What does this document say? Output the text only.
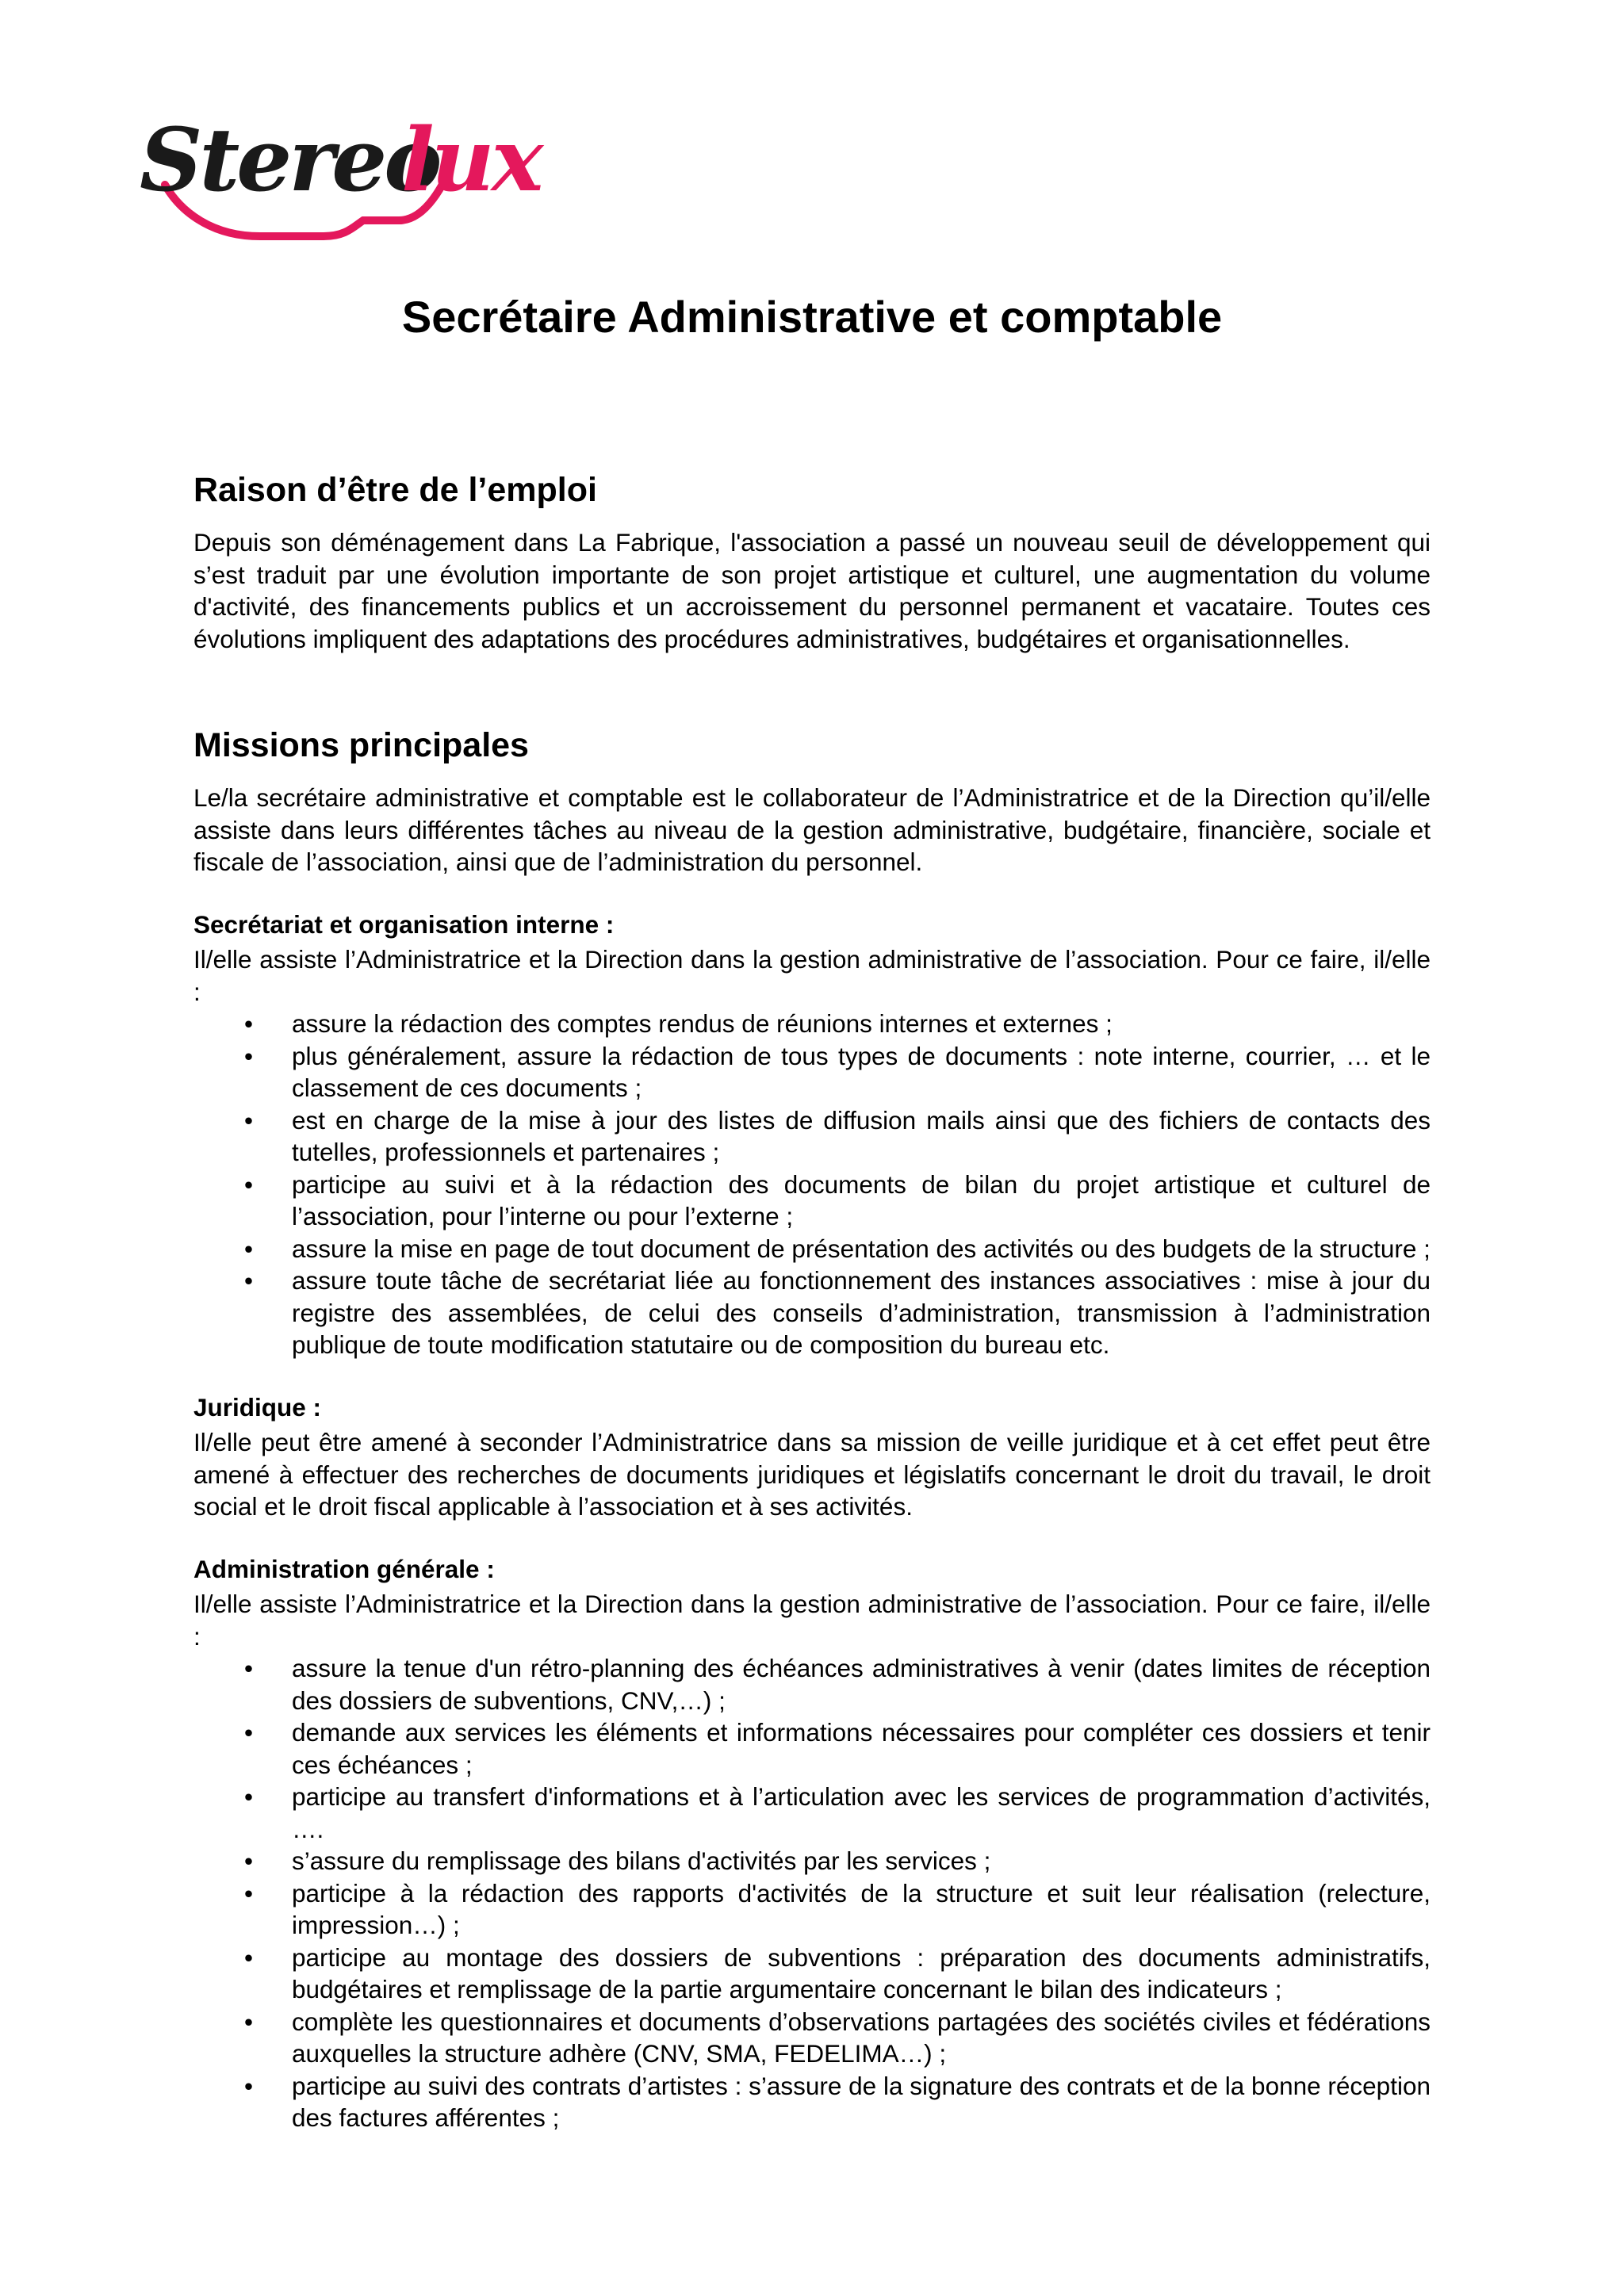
Stereo
lux
Secrétaire Administrative et comptable
Raison d’être de l’emploi

Depuis son déménagement dans La Fabrique, l'association a passé un nouveau seuil de développement qui s’est traduit par une évolution importante de son projet artistique et culturel, une augmentation du volume d'activité, des financements publics et un accroissement du personnel permanent et vacataire. Toutes ces évolutions impliquent des adaptations des procédures administratives, budgétaires et organisationnelles.

Missions principales

Le/la secrétaire administrative et comptable est le collaborateur de l’Administratrice et de la Direction qu’il/elle assiste dans leurs différentes tâches au niveau de la gestion administrative, budgétaire, financière, sociale et fiscale de l’association, ainsi que de l’administration du personnel.

Secrétariat et organisation interne :

Il/elle assiste l’Administratrice et la Direction dans la gestion administrative de l’association. Pour ce faire, il/elle :

• assure la rédaction des comptes rendus de réunions internes et externes ;
• plus généralement, assure la rédaction de tous types de documents : note interne, courrier, … et le classement de ces documents ;
• est en charge de la mise à jour des listes de diffusion mails ainsi que des fichiers de contacts des tutelles, professionnels et partenaires ;
• participe au suivi et à la rédaction des documents de bilan du projet artistique et culturel de l’association, pour l’interne ou pour l’externe ;
• assure la mise en page de tout document de présentation des activités ou des budgets de la structure ;
• assure toute tâche de secrétariat liée au fonctionnement des instances associatives : mise à jour du registre des assemblées, de celui des conseils d’administration, transmission à l’administration publique de toute modification statutaire ou de composition du bureau etc.
Juridique :

Il/elle peut être amené à seconder l’Administratrice dans sa mission de veille juridique et à cet effet peut être amené à effectuer des recherches de documents juridiques et législatifs concernant le droit du travail, le droit social et le droit fiscal applicable à l’association et à ses activités.

Administration générale :

Il/elle assiste l’Administratrice et la Direction dans la gestion administrative de l’association. Pour ce faire, il/elle :

• assure la tenue d'un rétro-planning des échéances administratives à venir (dates limites de réception des dossiers de subventions, CNV,…) ;
• demande aux services les éléments et informations nécessaires pour compléter ces dossiers et tenir ces échéances ;
• participe au transfert d'informations et à l’articulation avec les services de programmation d’activités, ….
• s’assure du remplissage des bilans d'activités par les services ;
• participe à la rédaction des rapports d'activités de la structure et suit leur réalisation (relecture, impression…) ;
• participe au montage des dossiers de subventions : préparation des documents administratifs, budgétaires et remplissage de la partie argumentaire concernant le bilan des indicateurs ;
• complète les questionnaires et documents d’observations partagées des sociétés civiles et fédérations auxquelles la structure adhère (CNV, SMA, FEDELIMA…) ;
• participe au suivi des contrats d’artistes : s’assure de la signature des contrats et de la bonne réception des factures afférentes ;
